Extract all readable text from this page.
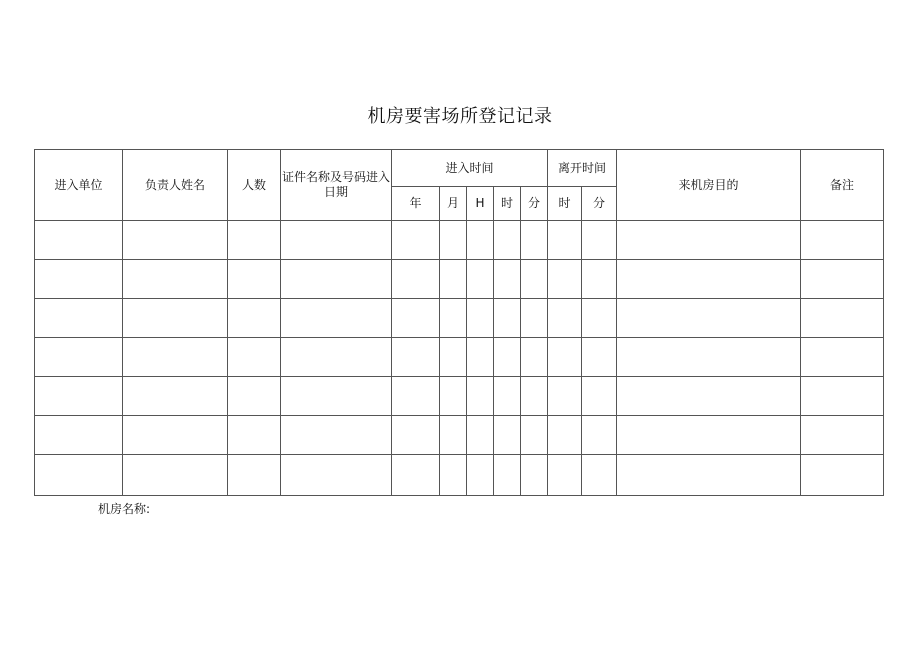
机房要害场所登记记录
进入单位	负责人姓名	人数	证件名称及号码进入日期	进入时间					离开时间		来机房目的	备注
				年	月	H	时	分	时	分		

机房名称:
